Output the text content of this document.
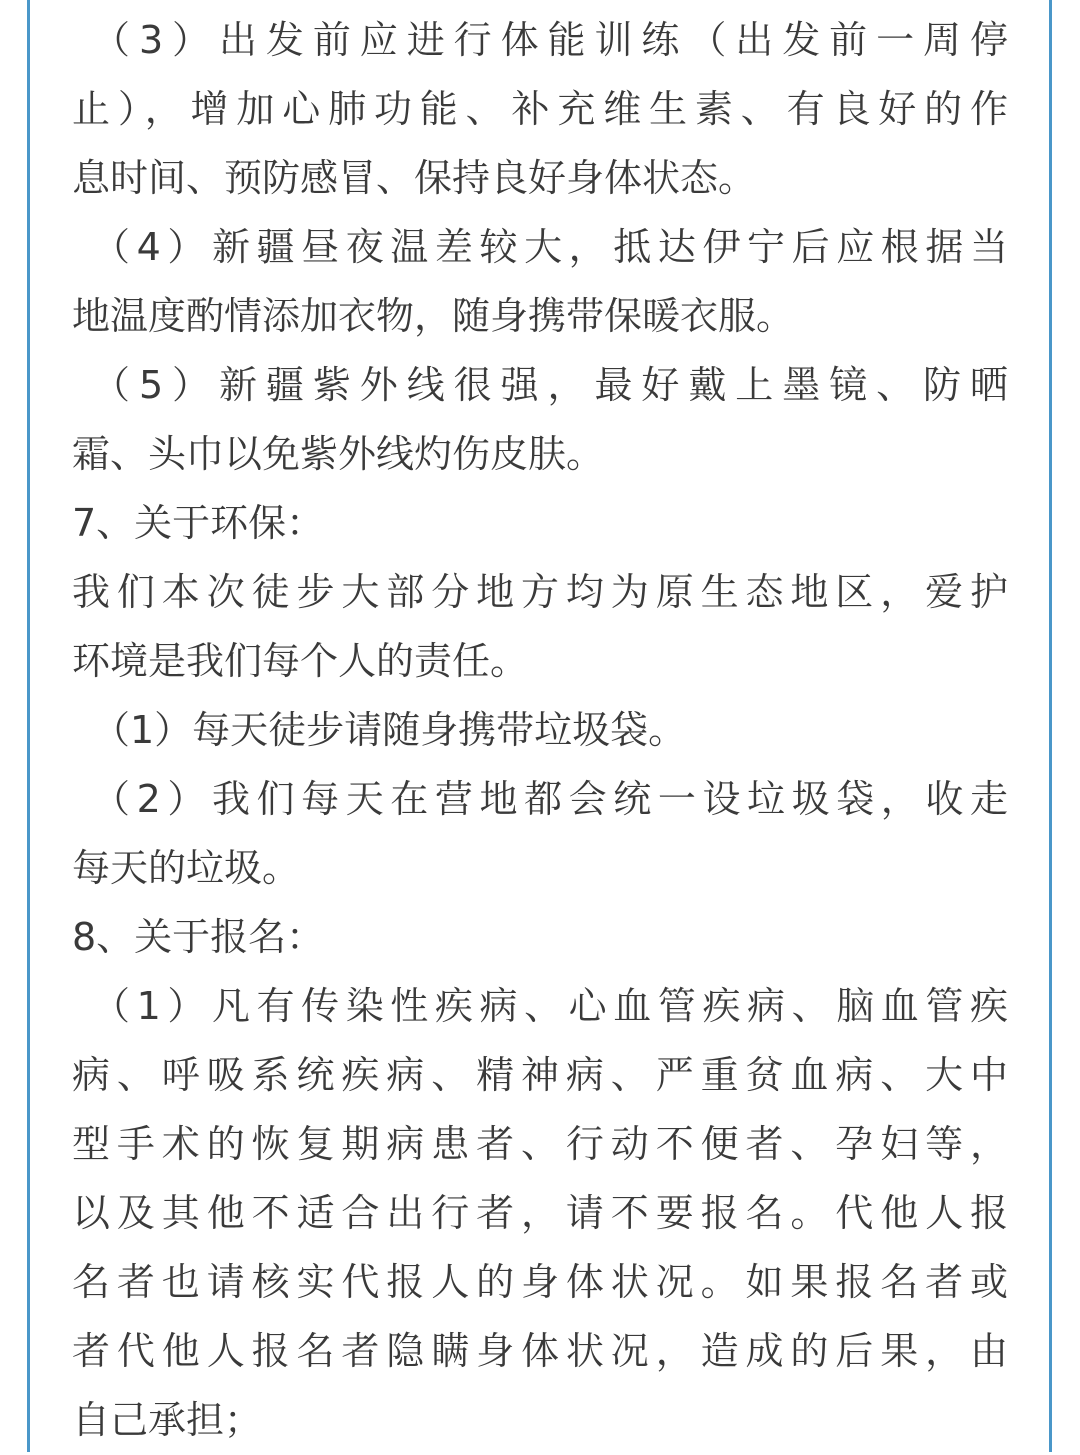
（3）出发前应进行体能训练（出发前一周停
止），增加心肺功能、补充维生素、有良好的作
息时间、预防感冒、保持良好身体状态。
（4）新疆昼夜温差较大，抵达伊宁后应根据当
地温度酌情添加衣物，随身携带保暖衣服。
（5）新疆紫外线很强，最好戴上墨镜、防晒
霜、头巾以免紫外线灼伤皮肤。
7、关于环保：
我们本次徒步大部分地方均为原生态地区，爱护
环境是我们每个人的责任。
（1）每天徒步请随身携带垃圾袋。
（2）我们每天在营地都会统一设垃圾袋，收走
每天的垃圾。
8、关于报名：
（1）凡有传染性疾病、心血管疾病、脑血管疾
病、呼吸系统疾病、精神病、严重贫血病、大中
型手术的恢复期病患者、行动不便者、孕妇等，
以及其他不适合出行者，请不要报名。代他人报
名者也请核实代报人的身体状况。如果报名者或
者代他人报名者隐瞒身体状况，造成的后果，由
自己承担；
